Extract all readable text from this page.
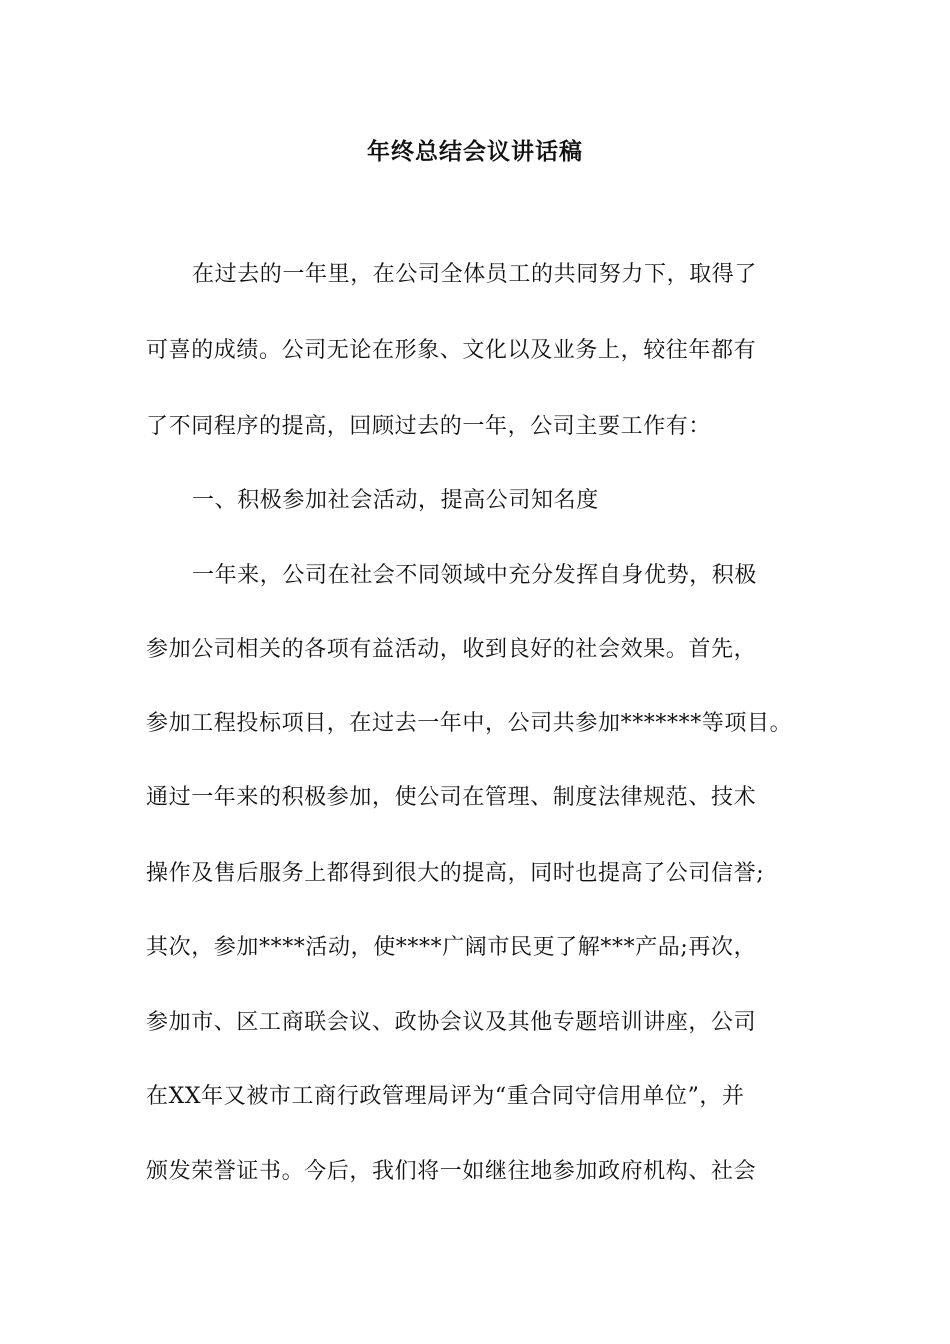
年终总结会议讲话稿
在过去的一年里，在公司全体员工的共同努力下，取得了
可喜的成绩。公司无论在形象、文化以及业务上，较往年都有
了不同程序的提高，回顾过去的一年，公司主要工作有：
一、积极参加社会活动，提高公司知名度
一年来，公司在社会不同领域中充分发挥自身优势，积极
参加公司相关的各项有益活动，收到良好的社会效果。首先，
参加工程投标项目，在过去一年中，公司共参加*******等项目。
通过一年来的积极参加，使公司在管理、制度法律规范、技术
操作及售后服务上都得到很大的提高，同时也提高了公司信誉;
其次，参加****活动，使****广阔市民更了解***产品;再次，
参加市、区工商联会议、政协会议及其他专题培训讲座，公司
在XX年又被市工商行政管理局评为“重合同守信用单位”，并
颁发荣誉证书。今后，我们将一如继往地参加政府机构、社会
